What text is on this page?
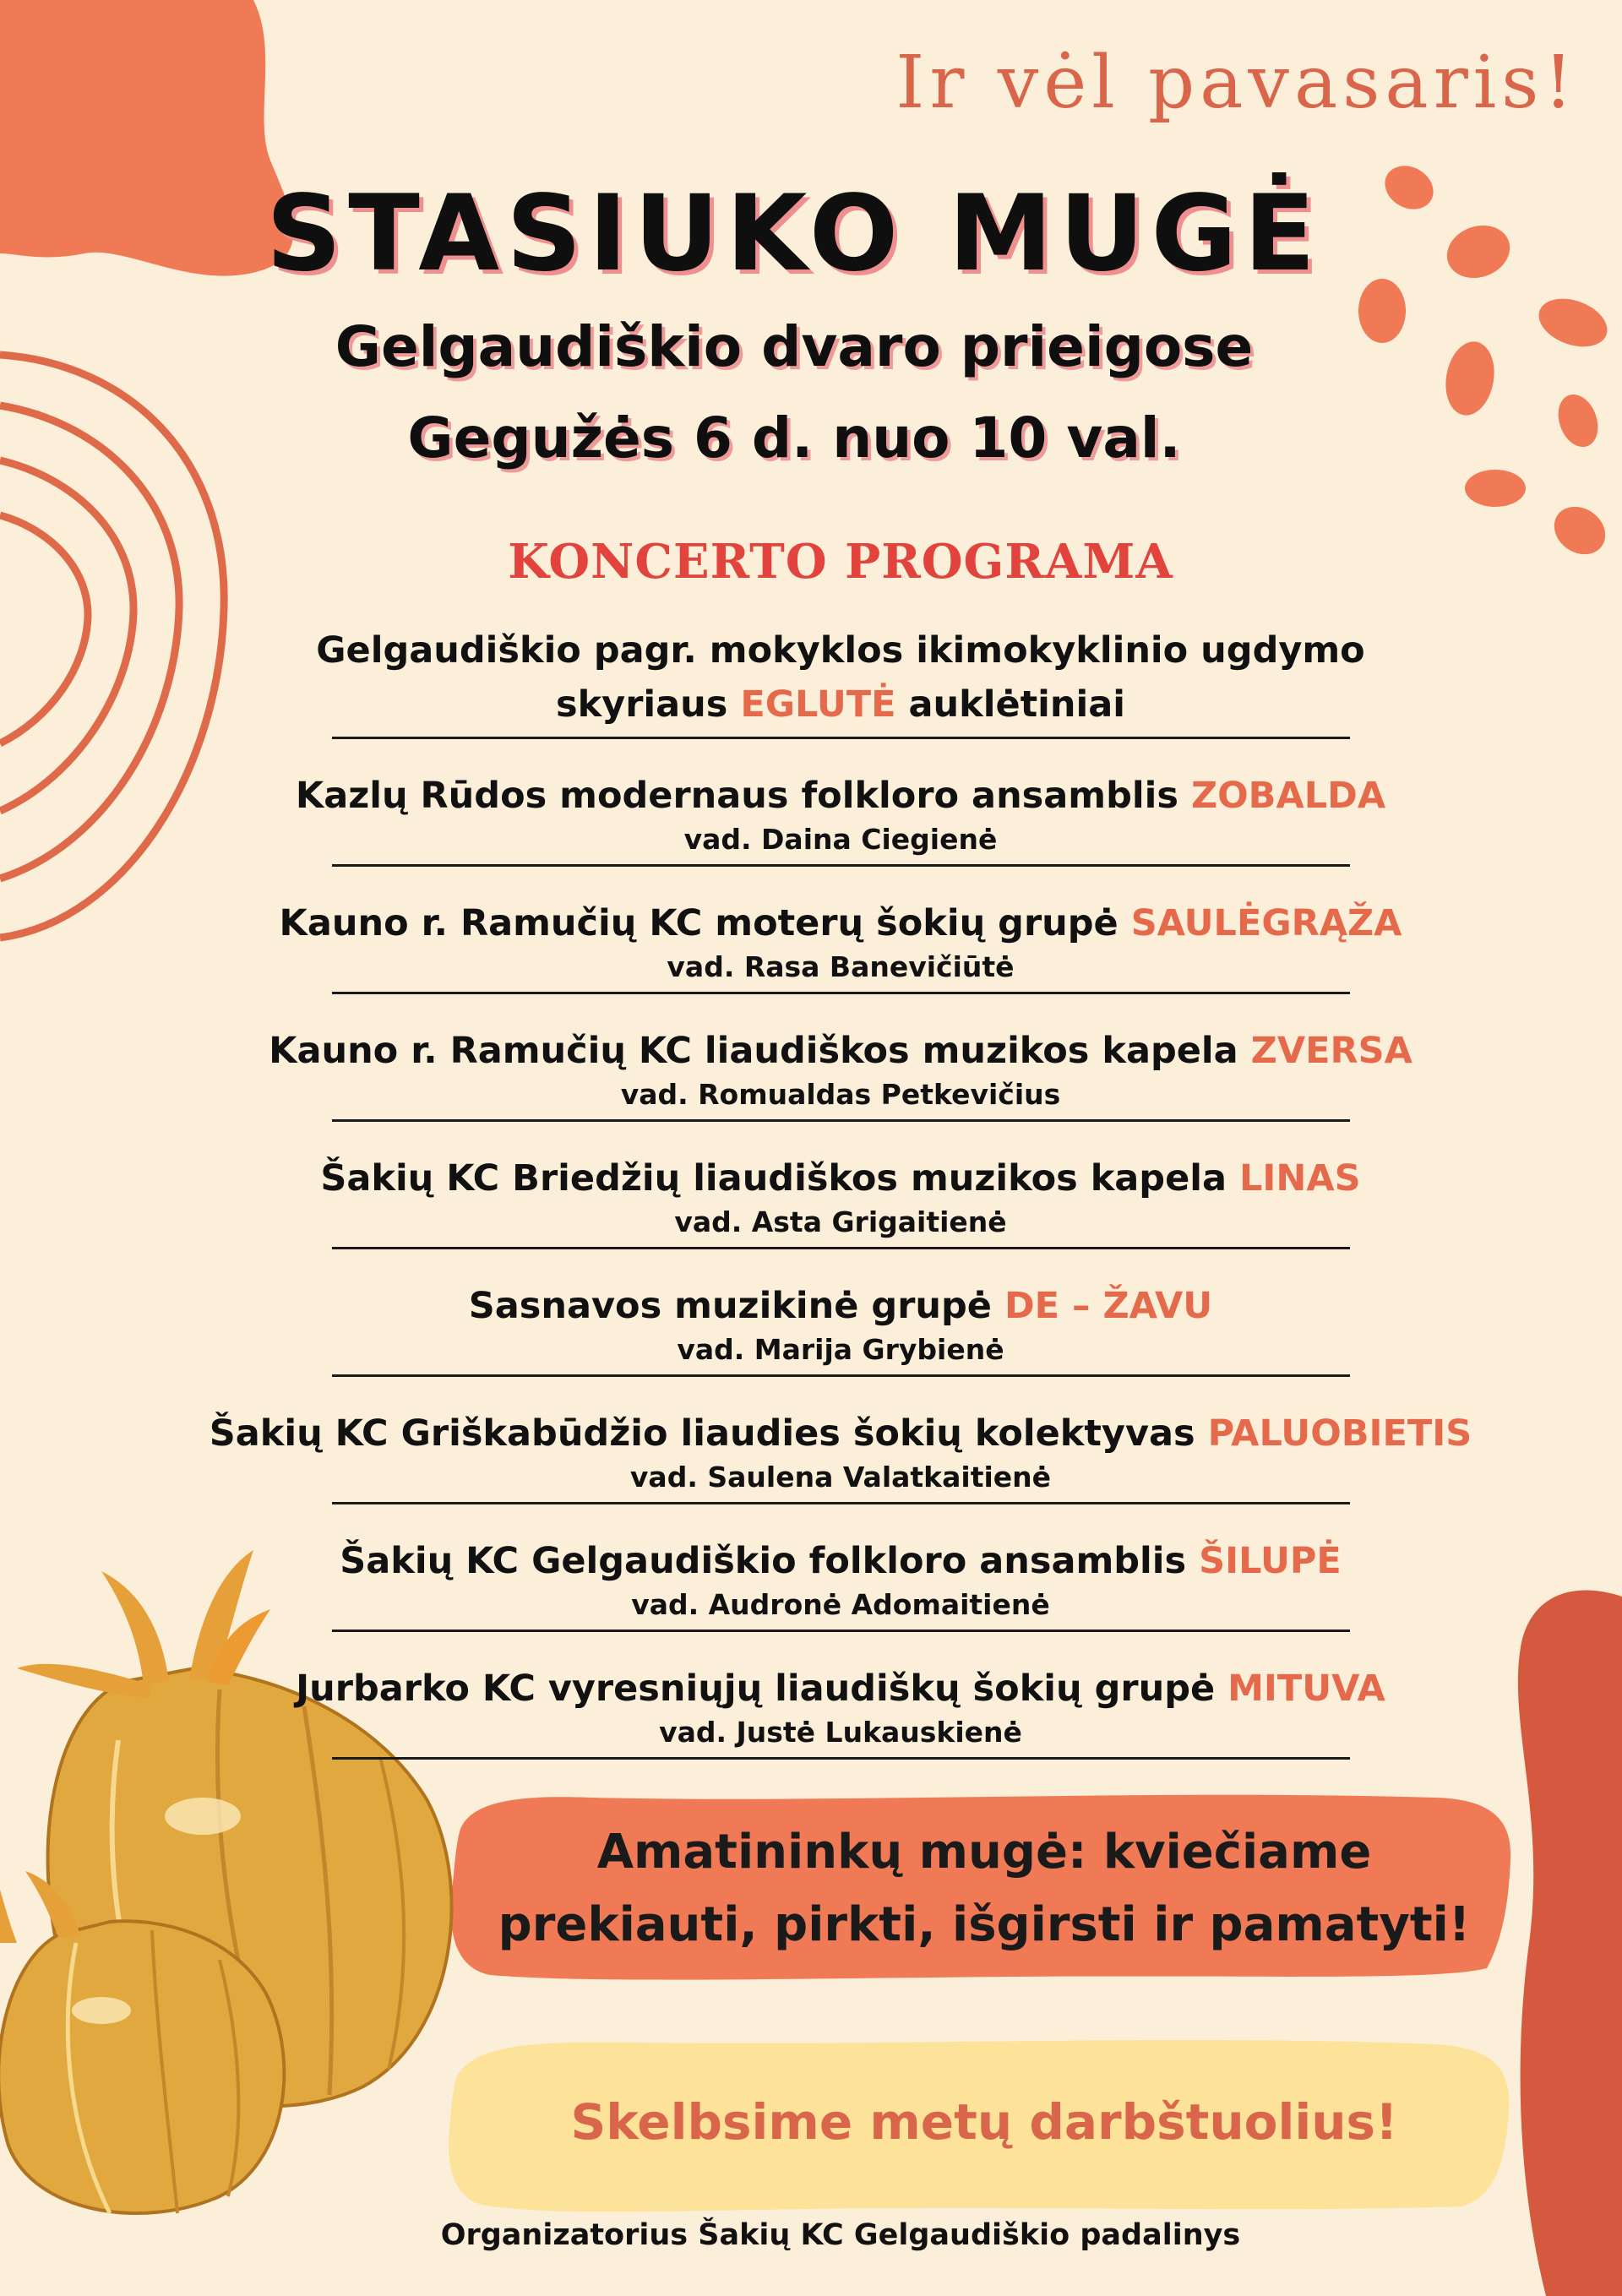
Ir vėl pavasaris!

STASIUKO MUGĖ

Gelgaudiškio dvaro prieigose

Gegužės 6 d. nuo 10 val.

KONCERTO PROGRAMA
Gelgaudiškio pagr. mokyklos ikimokyklinio ugdymo
skyriaus EGLUTĖ auklėtiniai
Kazlų Rūdos modernaus folkloro ansamblis ZOBALDA
vad. Daina Ciegienė
Kauno r. Ramučių KC moterų šokių grupė SAULĖGRĄŽA
vad. Rasa Banevičiūtė
Kauno r. Ramučių KC liaudiškos muzikos kapela ZVERSA
vad. Romualdas Petkevičius
Šakių KC Briedžių liaudiškos muzikos kapela LINAS
vad. Asta Grigaitienė
Sasnavos muzikinė grupė DE – ŽAVU
vad. Marija Grybienė
Šakių KC Griškabūdžio liaudies šokių kolektyvas PALUOBIETIS
vad. Saulena Valatkaitienė
Šakių KC Gelgaudiškio folkloro ansamblis ŠILUPĖ
vad. Audronė Adomaitienė
Jurbarko KC vyresniųjų liaudiškų šokių grupė MITUVA
vad. Justė Lukauskienė

Amatininkų mugė: kviečiame
prekiauti, pirkti, išgirsti ir pamatyti!

Skelbsime metų darbštuolius!

Organizatorius Šakių KC Gelgaudiškio padalinys
